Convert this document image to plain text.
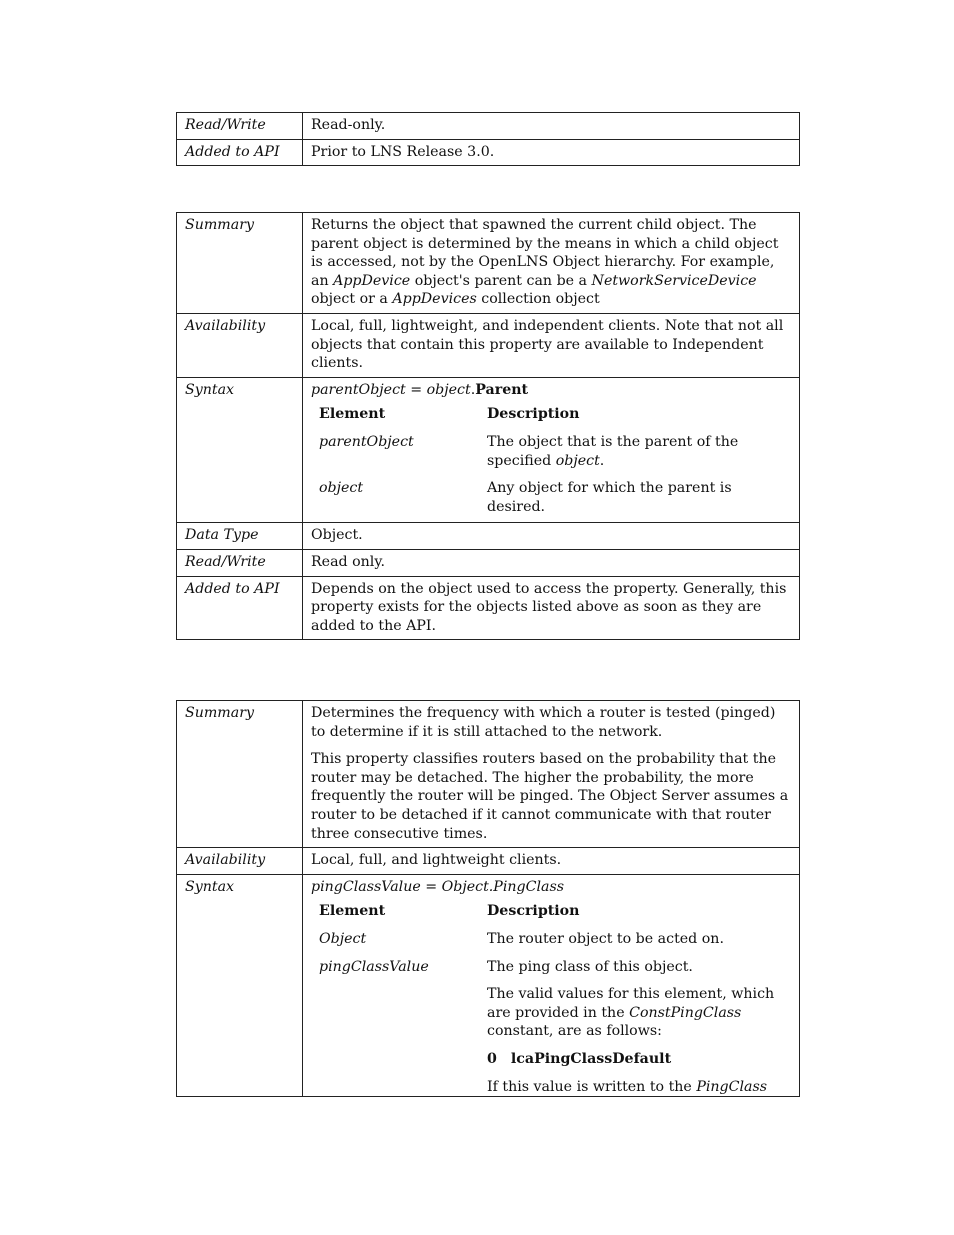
Read/Write	Read-only.
Added to API	Prior to LNS Release 3.0.
Summary	Returns the object that spawned the current child object. The parent object is determined by the means in which a child object is accessed, not by the OpenLNS Object hierarchy. For example, an AppDevice object's parent can be a NetworkServiceDevice object or a AppDevices collection object
Availability	Local, full, lightweight, and independent clients. Note that not all objects that contain this property are available to Independent clients.
Syntax	parentObject = object.Parent
Element	Description
parentObject	The object that is the parent of the specified object.
object	Any object for which the parent is desired.

Data Type	Object.
Read/Write	Read only.
Added to API	Depends on the object used to access the property. Generally, this property exists for the objects listed above as soon as they are added to the API.
Summary	Determines the frequency with which a router is tested (pinged) to determine if it is still attached to the network.

This property classifies routers based on the probability that the router may be detached. The higher the probability, the more frequently the router will be pinged. The Object Server assumes a router to be detached if it cannot communicate with that router three consecutive times.

Availability	Local, full, and lightweight clients.
Syntax	pingClassValue = Object.PingClass
Element	Description
Object	The router object to be acted on.
pingClassValue	The ping class of this object.
The valid values for this element, which are provided in the ConstPingClass constant, are as follows:
0 lcaPingClassDefault
If this value is written to the PingClass
